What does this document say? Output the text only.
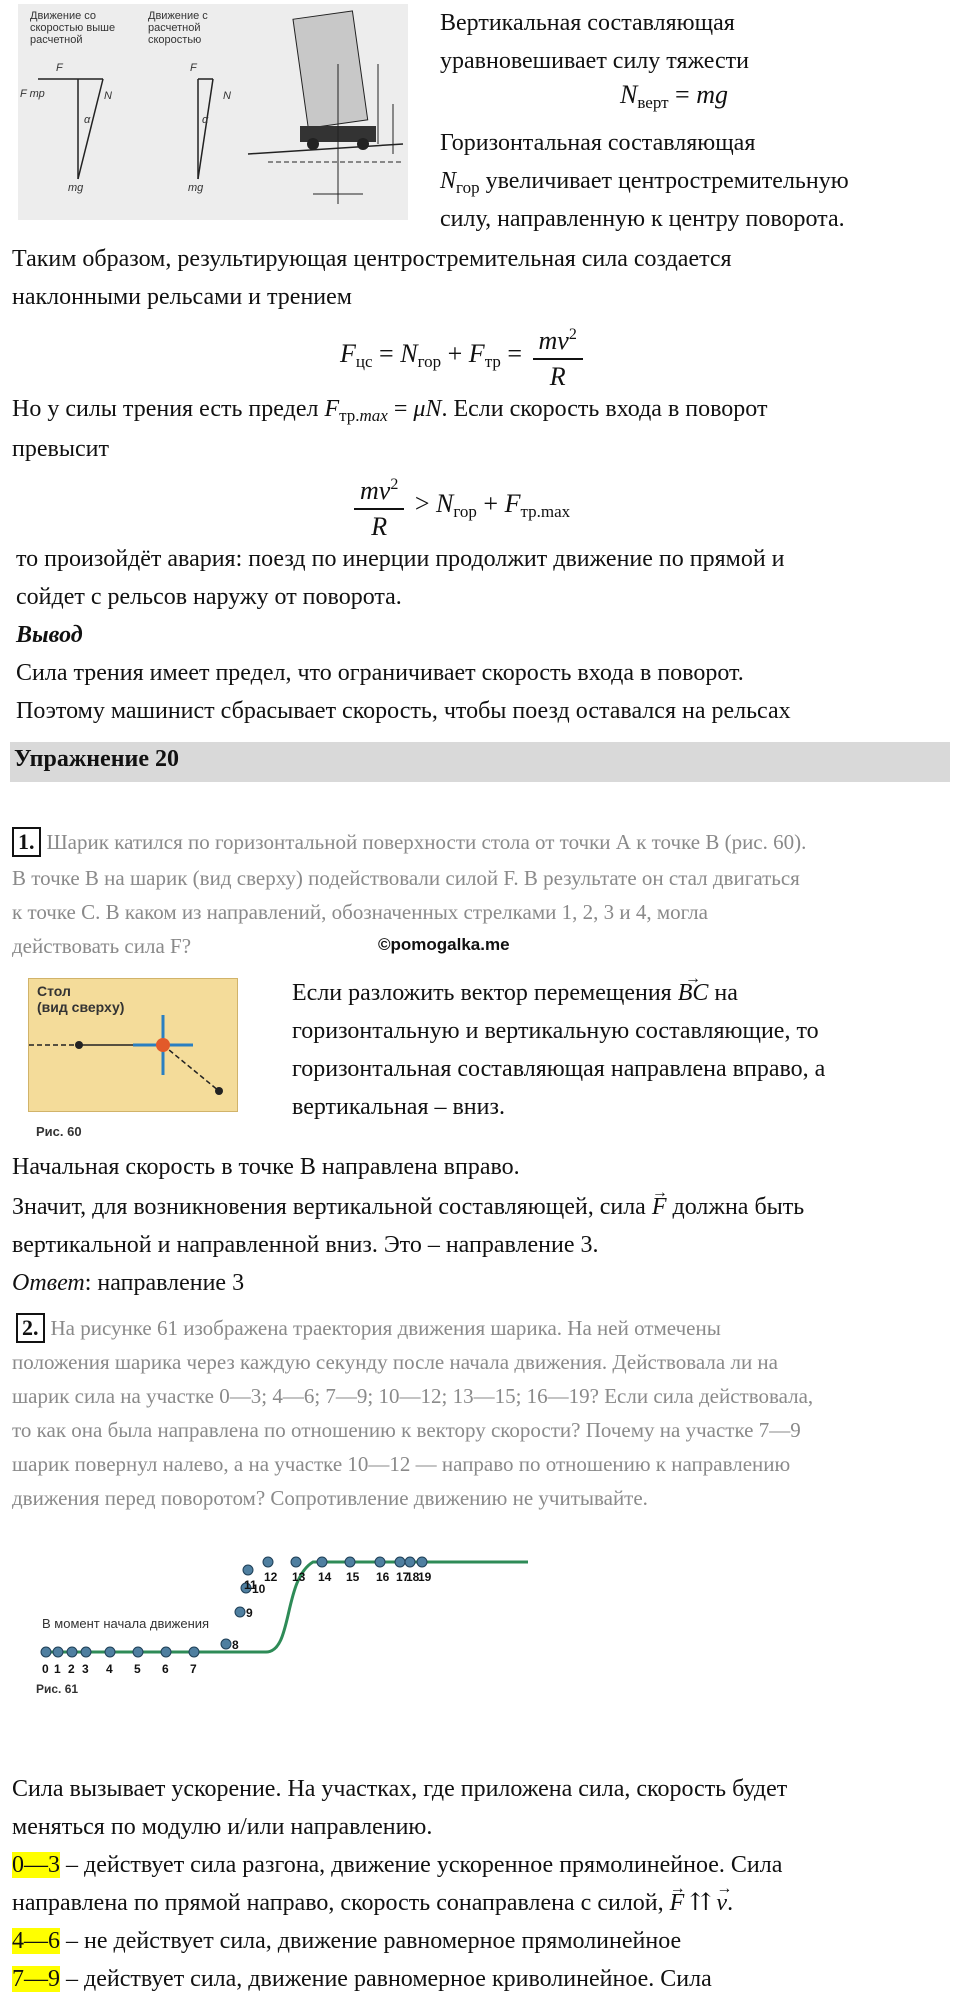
Движение со скоростью выше расчетной
Движение с расчетной скоростью
F
F тр	N
α
mg
F
N
α
mg
Вертикальная составляющая
уравновешивает силу тяжести
$N_{верт}$ = mg
Горизонтальная составляющая
$N_{гор}$ увеличивает центростремительную
силу, направленную к центру поворота.
Таким образом, результирующая центростремительная сила создается
наклонными рельсами и трением
$F_{цс} = N_{гор} + F_{тр} = \frac{mv^2}{R}$
Но у силы трения есть предел $F_{тр.max} = \mu N$. Если скорость входа в поворот
превысит
$\frac{mv^2}{R} > N_{гор} + F_{тр.max}$
то произойдёт авария: поезд по инерции продолжит движение по прямой и
сойдет с рельсов наружу от поворота.
Вывод
Сила трения имеет предел, что ограничивает скорость входа в поворот.
Поэтому машинист сбрасывает скорость, чтобы поезд оставался на рельсах
Упражнение 20
1. Шарик катился по горизонтальной поверхности стола от точки А к точке В (рис. 60).
В точке В на шарик (вид сверху) подействовали силой F. В результате он стал двигаться
к точке С. В каком из направлений, обозначенных стрелками 1, 2, 3 и 4, могла
действовать сила F?	©pomogalka.me
Стол
(вид сверху)
Рис. 60
Если разложить вектор перемещения BC → на
горизонтальную и вертикальную составляющие, то
горизонтальная составляющая направлена вправо, а
вертикальная – вниз.
Начальная скорость в точке В направлена вправо.
Значит, для возникновения вертикальной составляющей, сила F → должна быть
вертикальной и направленной вниз. Это – направление 3.
Ответ: направление 3
2. На рисунке 61 изображена траектория движения шарика. На ней отмечены
положения шарика через каждую секунду после начала движения. Действовала ли на
шарик сила на участке 0—3; 4—6; 7—9; 10—12; 13—15; 16—19? Если сила действовала,
то как она была направлена по отношению к вектору скорости? Почему на участке 7—9
шарик повернул налево, а на участке 10—12 — направо по отношению к направлению
движения перед поворотом? Сопротивление движению не учитывайте.
В момент начала движения
0 1 2 3 4 5 6 7
8
9
10
11
12 13 14 15 16 17
18
19
Рис. 61
Сила вызывает ускорение. На участках, где приложена сила, скорость будет
меняться по модулю и/или направлению.
0—3 – действует сила разгона, движение ускоренное прямолинейное. Сила
направлена по прямой направо, скорость сонаправлена с силой, F → ⇈ v →.
4—6 – не действует сила, движение равномерное прямолинейное
7—9 – действует сила, движение равномерное криволинейное. Сила
